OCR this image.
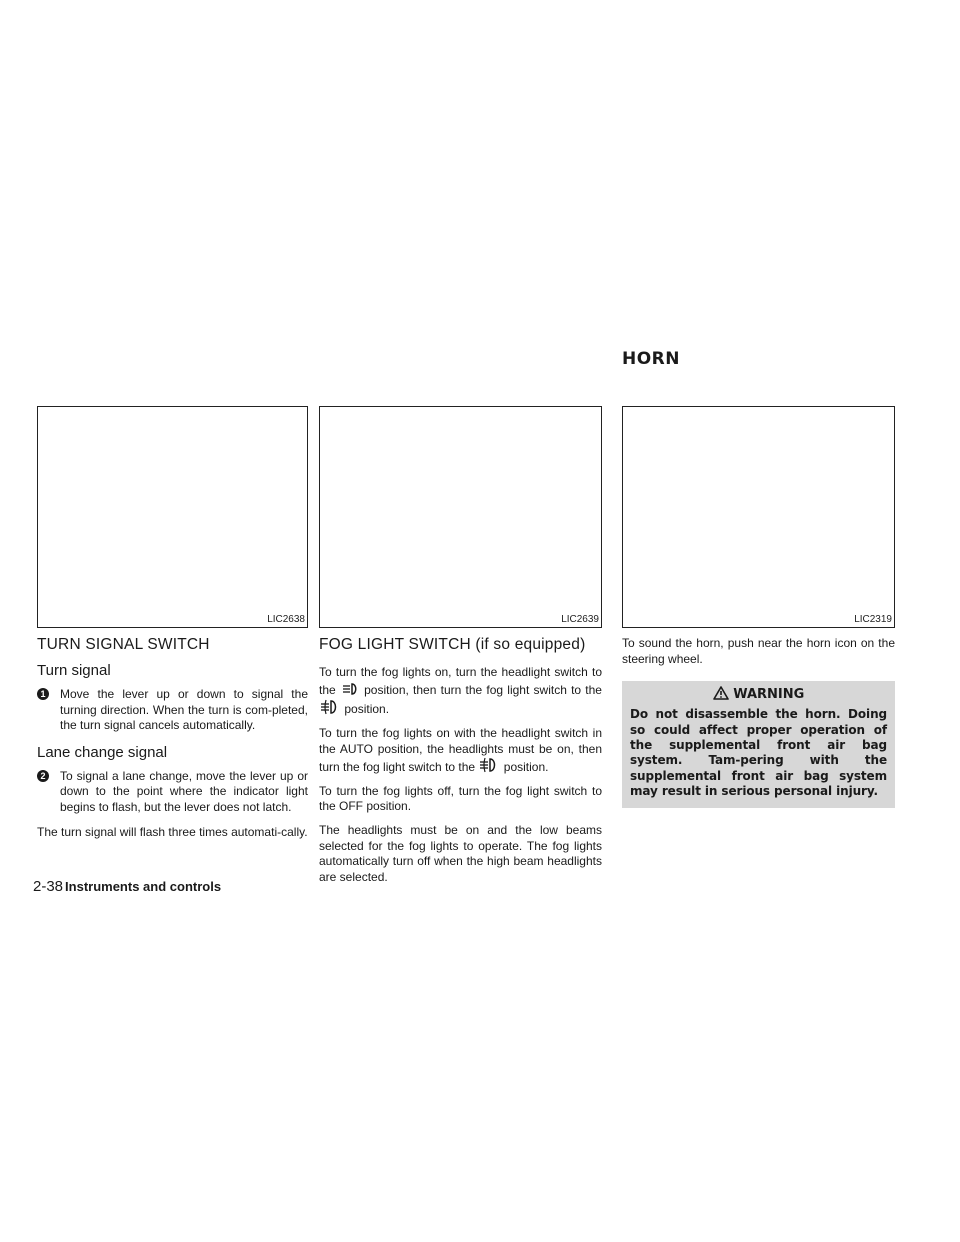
HORN
LIC2638	LIC2639	LIC2319
TURN SIGNAL SWITCH
Turn signal
1 Move the lever up or down to signal the turning direction. When the turn is com-pleted, the turn signal cancels automatically.
Lane change signal
2 To signal a lane change, move the lever up or down to the point where the indicator light begins to flash, but the lever does not latch.

The turn signal will flash three times automati-cally.

FOG LIGHT SWITCH (if so equipped)

To turn the fog lights on, turn the headlight switch to the position, then turn the fog light switch to the  position.

To turn the fog lights on with the headlight switch in the AUTO position, the headlights must be on, then turn the fog light switch to the position.

To turn the fog lights off, turn the fog light switch to the OFF position.

The headlights must be on and the low beams selected for the fog lights to operate. The fog lights automatically turn off when the high beam headlights are selected.

To sound the horn, push near the horn icon on the steering wheel.

WARNING
Do not disassemble the horn. Doing so could affect proper operation of the supplemental front air bag system. Tam-pering with the supplemental front air bag system may result in serious personal injury.
2-38 Instruments and controls
